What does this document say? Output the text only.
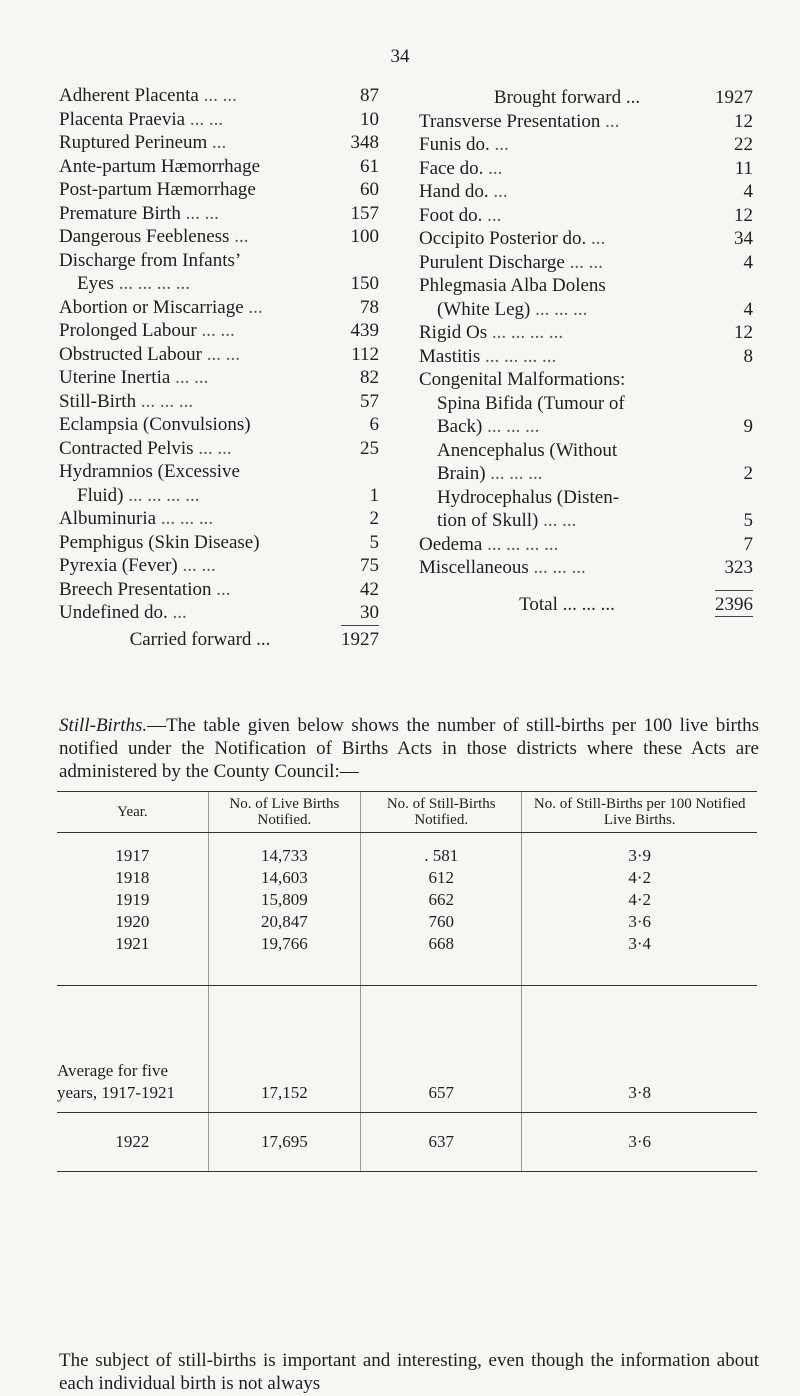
34
Adherent Placenta ... ...	87
Placenta Praevia ... ...	10
Ruptured Perineum ...	348
Ante-partum Hæmorrhage	61
Post-partum Hæmorrhage	60
Premature Birth ... ...	157
Dangerous Feebleness ...	100
Discharge from Infants’
Eyes ... ... ... ...	150
Abortion or Miscarriage ...	78
Prolonged Labour ... ...	439
Obstructed Labour ... ...	112
Uterine Inertia ... ...	82
Still-Birth ... ... ...	57
Eclampsia (Convulsions)	6
Contracted Pelvis ... ...	25
Hydramnios (Excessive
Fluid) ... ... ... ...	1
Albuminuria ... ... ...	2
Pemphigus (Skin Disease)	5
Pyrexia (Fever) ... ...	75
Breech Presentation ...	42
Undefined do. ...	30
Carried forward ...	1927
Brought forward ...	1927
Transverse Presentation ...	12
Funis do. ...	22
Face do. ...	11
Hand do. ...	4
Foot do. ...	12
Occipito Posterior do. ...	34
Purulent Discharge ... ...	4
Phlegmasia Alba Dolens
(White Leg) ... ... ...	4
Rigid Os ... ... ... ...	12
Mastitis ... ... ... ...	8
Congenital Malformations:
Spina Bifida (Tumour of
Back) ... ... ...	9
Anencephalus (Without
Brain) ... ... ...	2
Hydrocephalus (Disten-
tion of Skull) ... ...	5
Oedema ... ... ... ...	7
Miscellaneous ... ... ...	323
Total ... ... ...	2396
Still-Births.—The table given below shows the number of still-births per 100 live births notified under the Notification of Births Acts in those districts where these Acts are administered by the County Council:—
Year.	No. of Live Births Notified.	No. of Still-Births Notified.	No. of Still-Births per 100 Notified Live Births.
1917	14,733	. 581	3·9
1918	14,603	612	4·2
1919	15,809	662	4·2
1920	20,847	760	3·6
1921	19,766	668	3·4
Average for five years, 1917-1921	17,152	657	3·8
1922	17,695	637	3·6
The subject of still-births is important and interesting, even though the information about each individual birth is not always
